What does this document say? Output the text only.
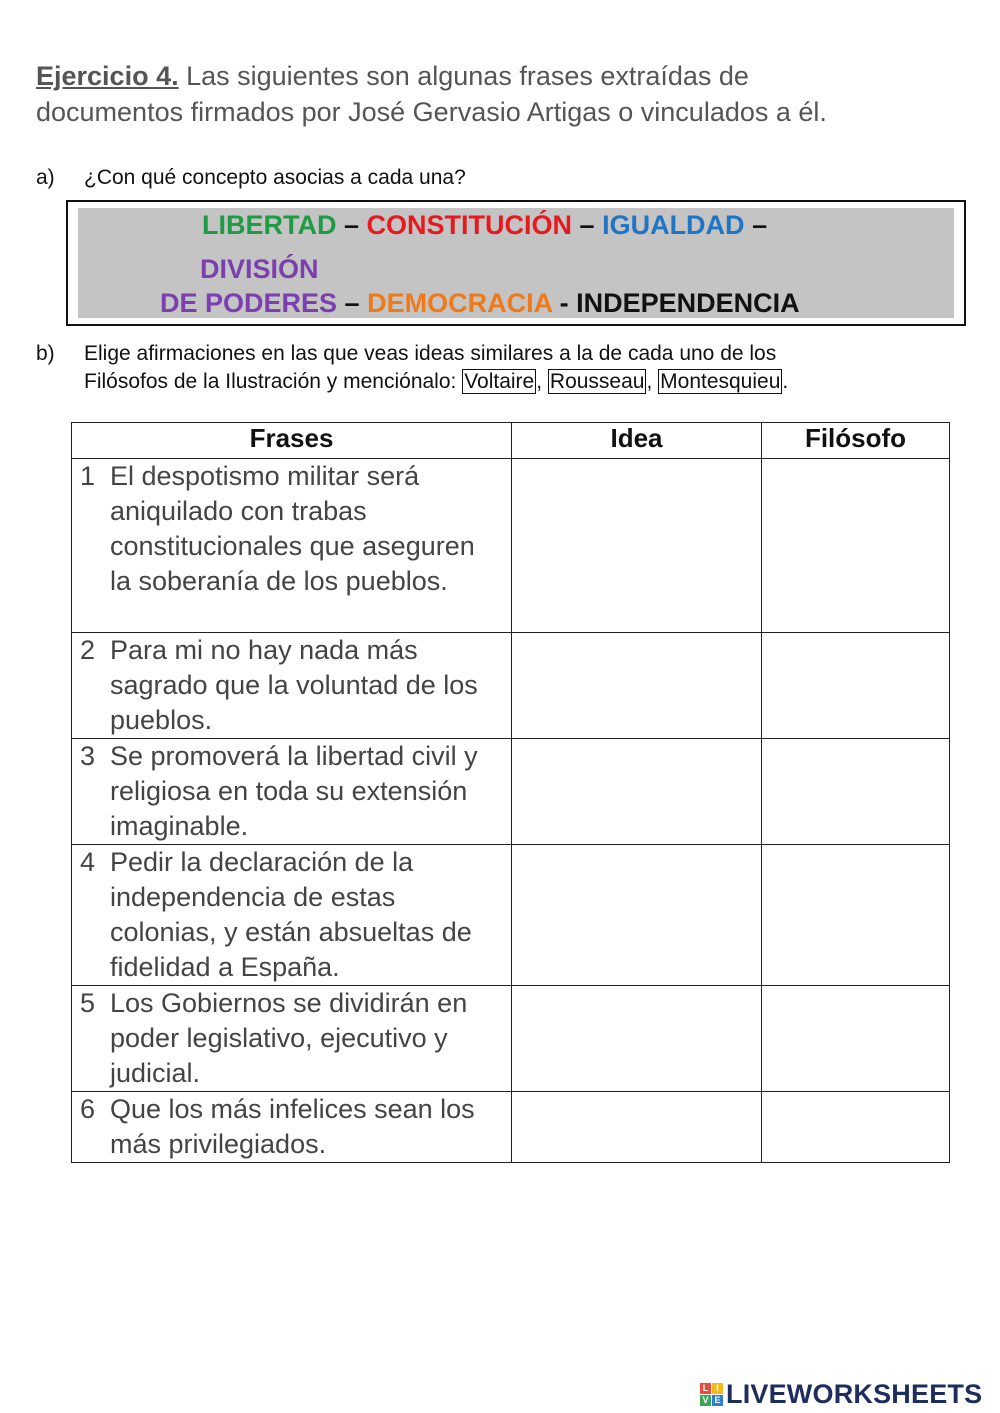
Ejercicio 4. Las siguientes son algunas frases extraídas de
documentos firmados por José Gervasio Artigas o vinculados a él.
a) ¿Con qué concepto asocias a cada una?
LIBERTAD – CONSTITUCIÓN – IGUALDAD –
DIVISIÓN
DE PODERES – DEMOCRACIA - INDEPENDENCIA
b) Elige afirmaciones en las que veas ideas similares a la de cada uno de los
Filósofos de la Ilustración y menciónalo: Voltaire, Rousseau, Montesquieu.
Frases	Idea	Filósofo

1 El despotismo militar será aniquilado con trabas constitucionales que aseguren la soberanía de los pueblos.		

2 Para mi no hay nada más sagrado que la voluntad de los pueblos.		

3 Se promoverá la libertad civil y religiosa en toda su extensión imaginable.		

4 Pedir la declaración de la independencia de estas colonias, y están absueltas de fidelidad a España.		

5 Los Gobiernos se dividirán en poder legislativo, ejecutivo y judicial.		

6 Que los más infelices sean los más privilegiados.		

L I
V E LIVEWORKSHEETS
